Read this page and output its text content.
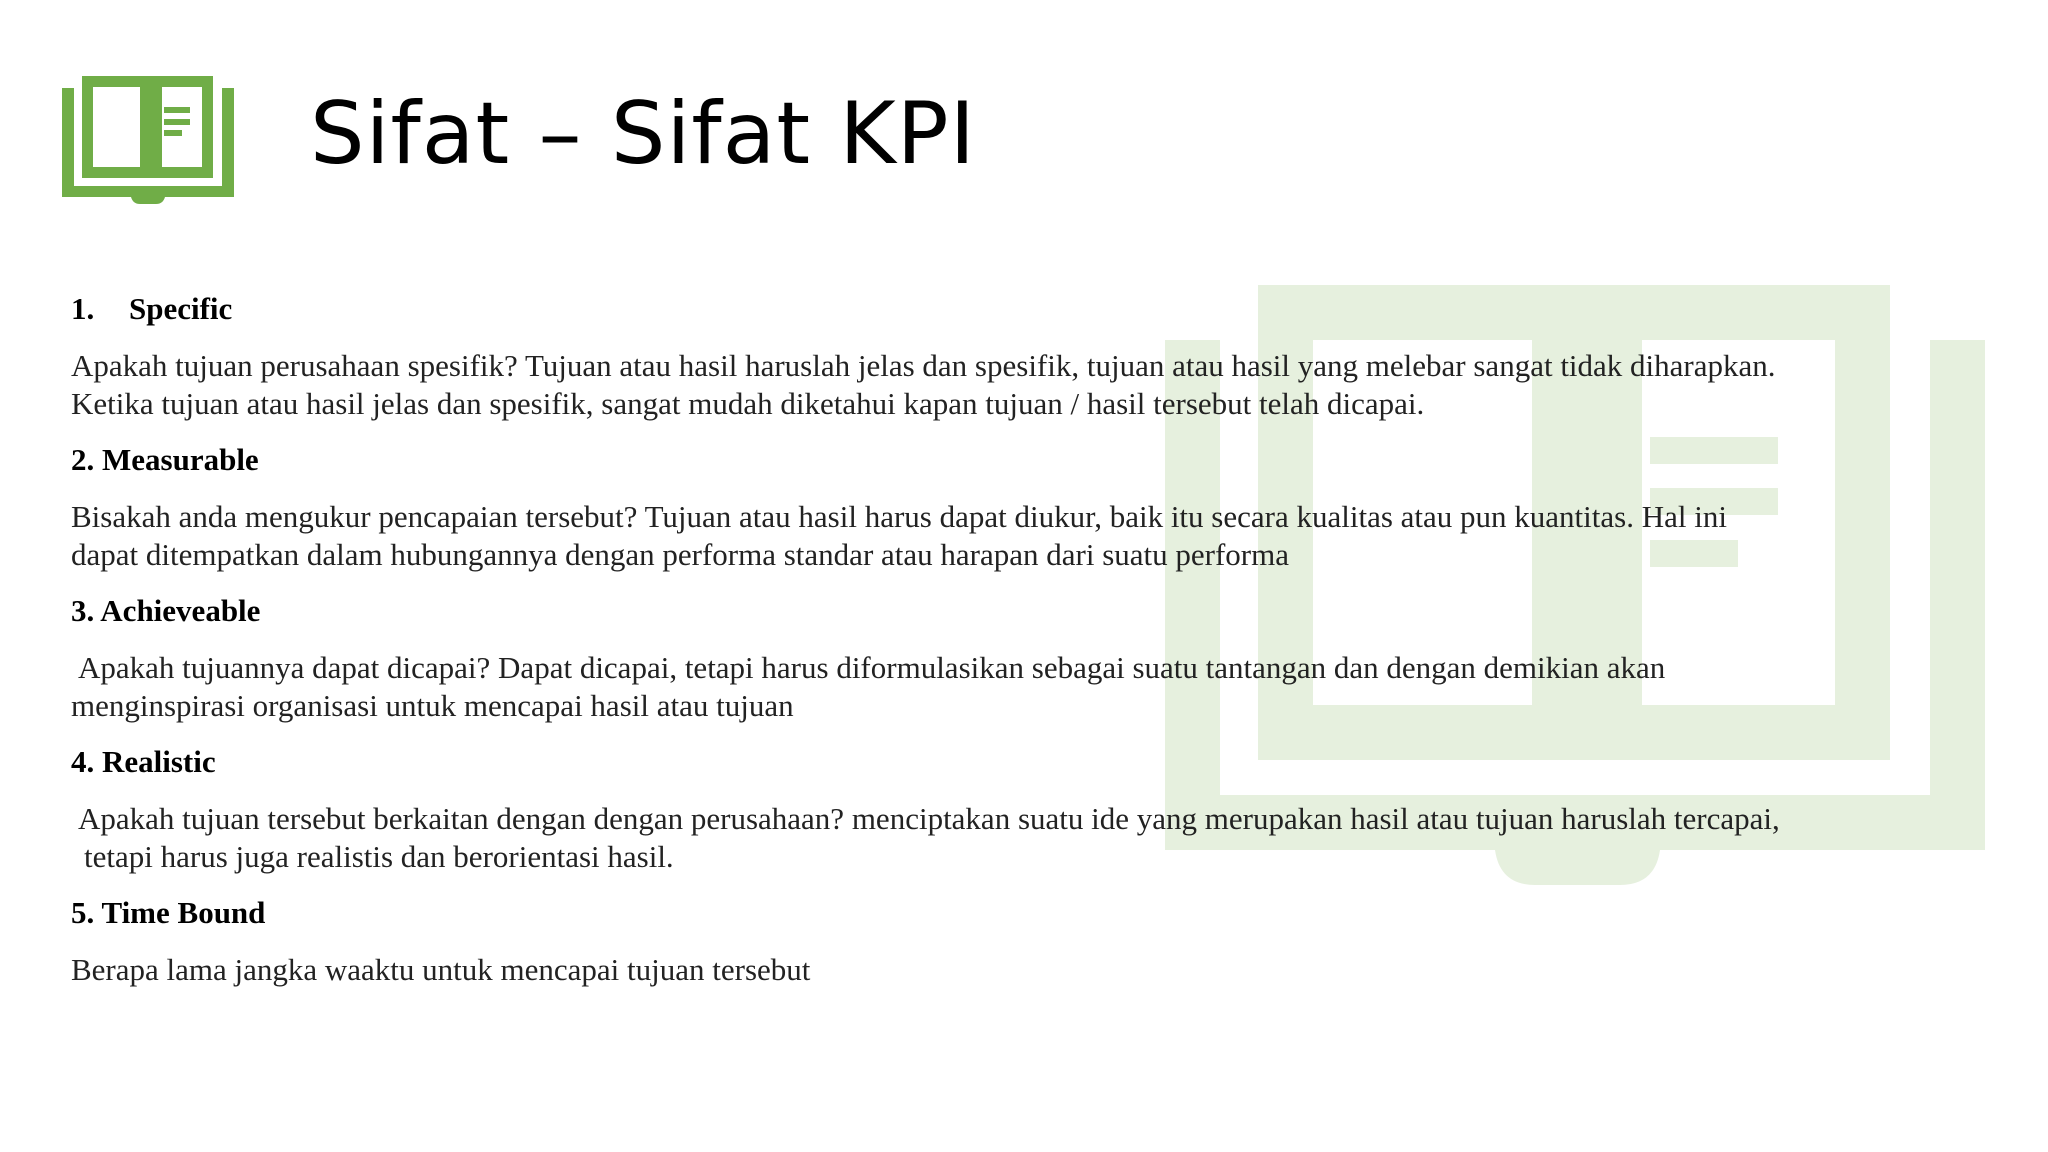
Sifat – Sifat KPI

1. Specific

Apakah tujuan perusahaan spesifik? Tujuan atau hasil haruslah jelas dan spesifik, tujuan atau hasil yang melebar sangat tidak diharapkan.
Ketika tujuan atau hasil jelas dan spesifik, sangat mudah diketahui kapan tujuan / hasil tersebut telah dicapai.

2. Measurable

Bisakah anda mengukur pencapaian tersebut? Tujuan atau hasil harus dapat diukur, baik itu secara kualitas atau pun kuantitas. Hal ini
dapat ditempatkan dalam hubungannya dengan performa standar atau harapan dari suatu performa

3. Achieveable

Apakah tujuannya dapat dicapai? Dapat dicapai, tetapi harus diformulasikan sebagai suatu tantangan dan dengan demikian akan
menginspirasi organisasi untuk mencapai hasil atau tujuan

4. Realistic

Apakah tujuan tersebut berkaitan dengan dengan perusahaan? menciptakan suatu ide yang merupakan hasil atau tujuan haruslah tercapai,

tetapi harus juga realistis dan berorientasi hasil.

5. Time Bound

Berapa lama jangka waaktu untuk mencapai tujuan tersebut
